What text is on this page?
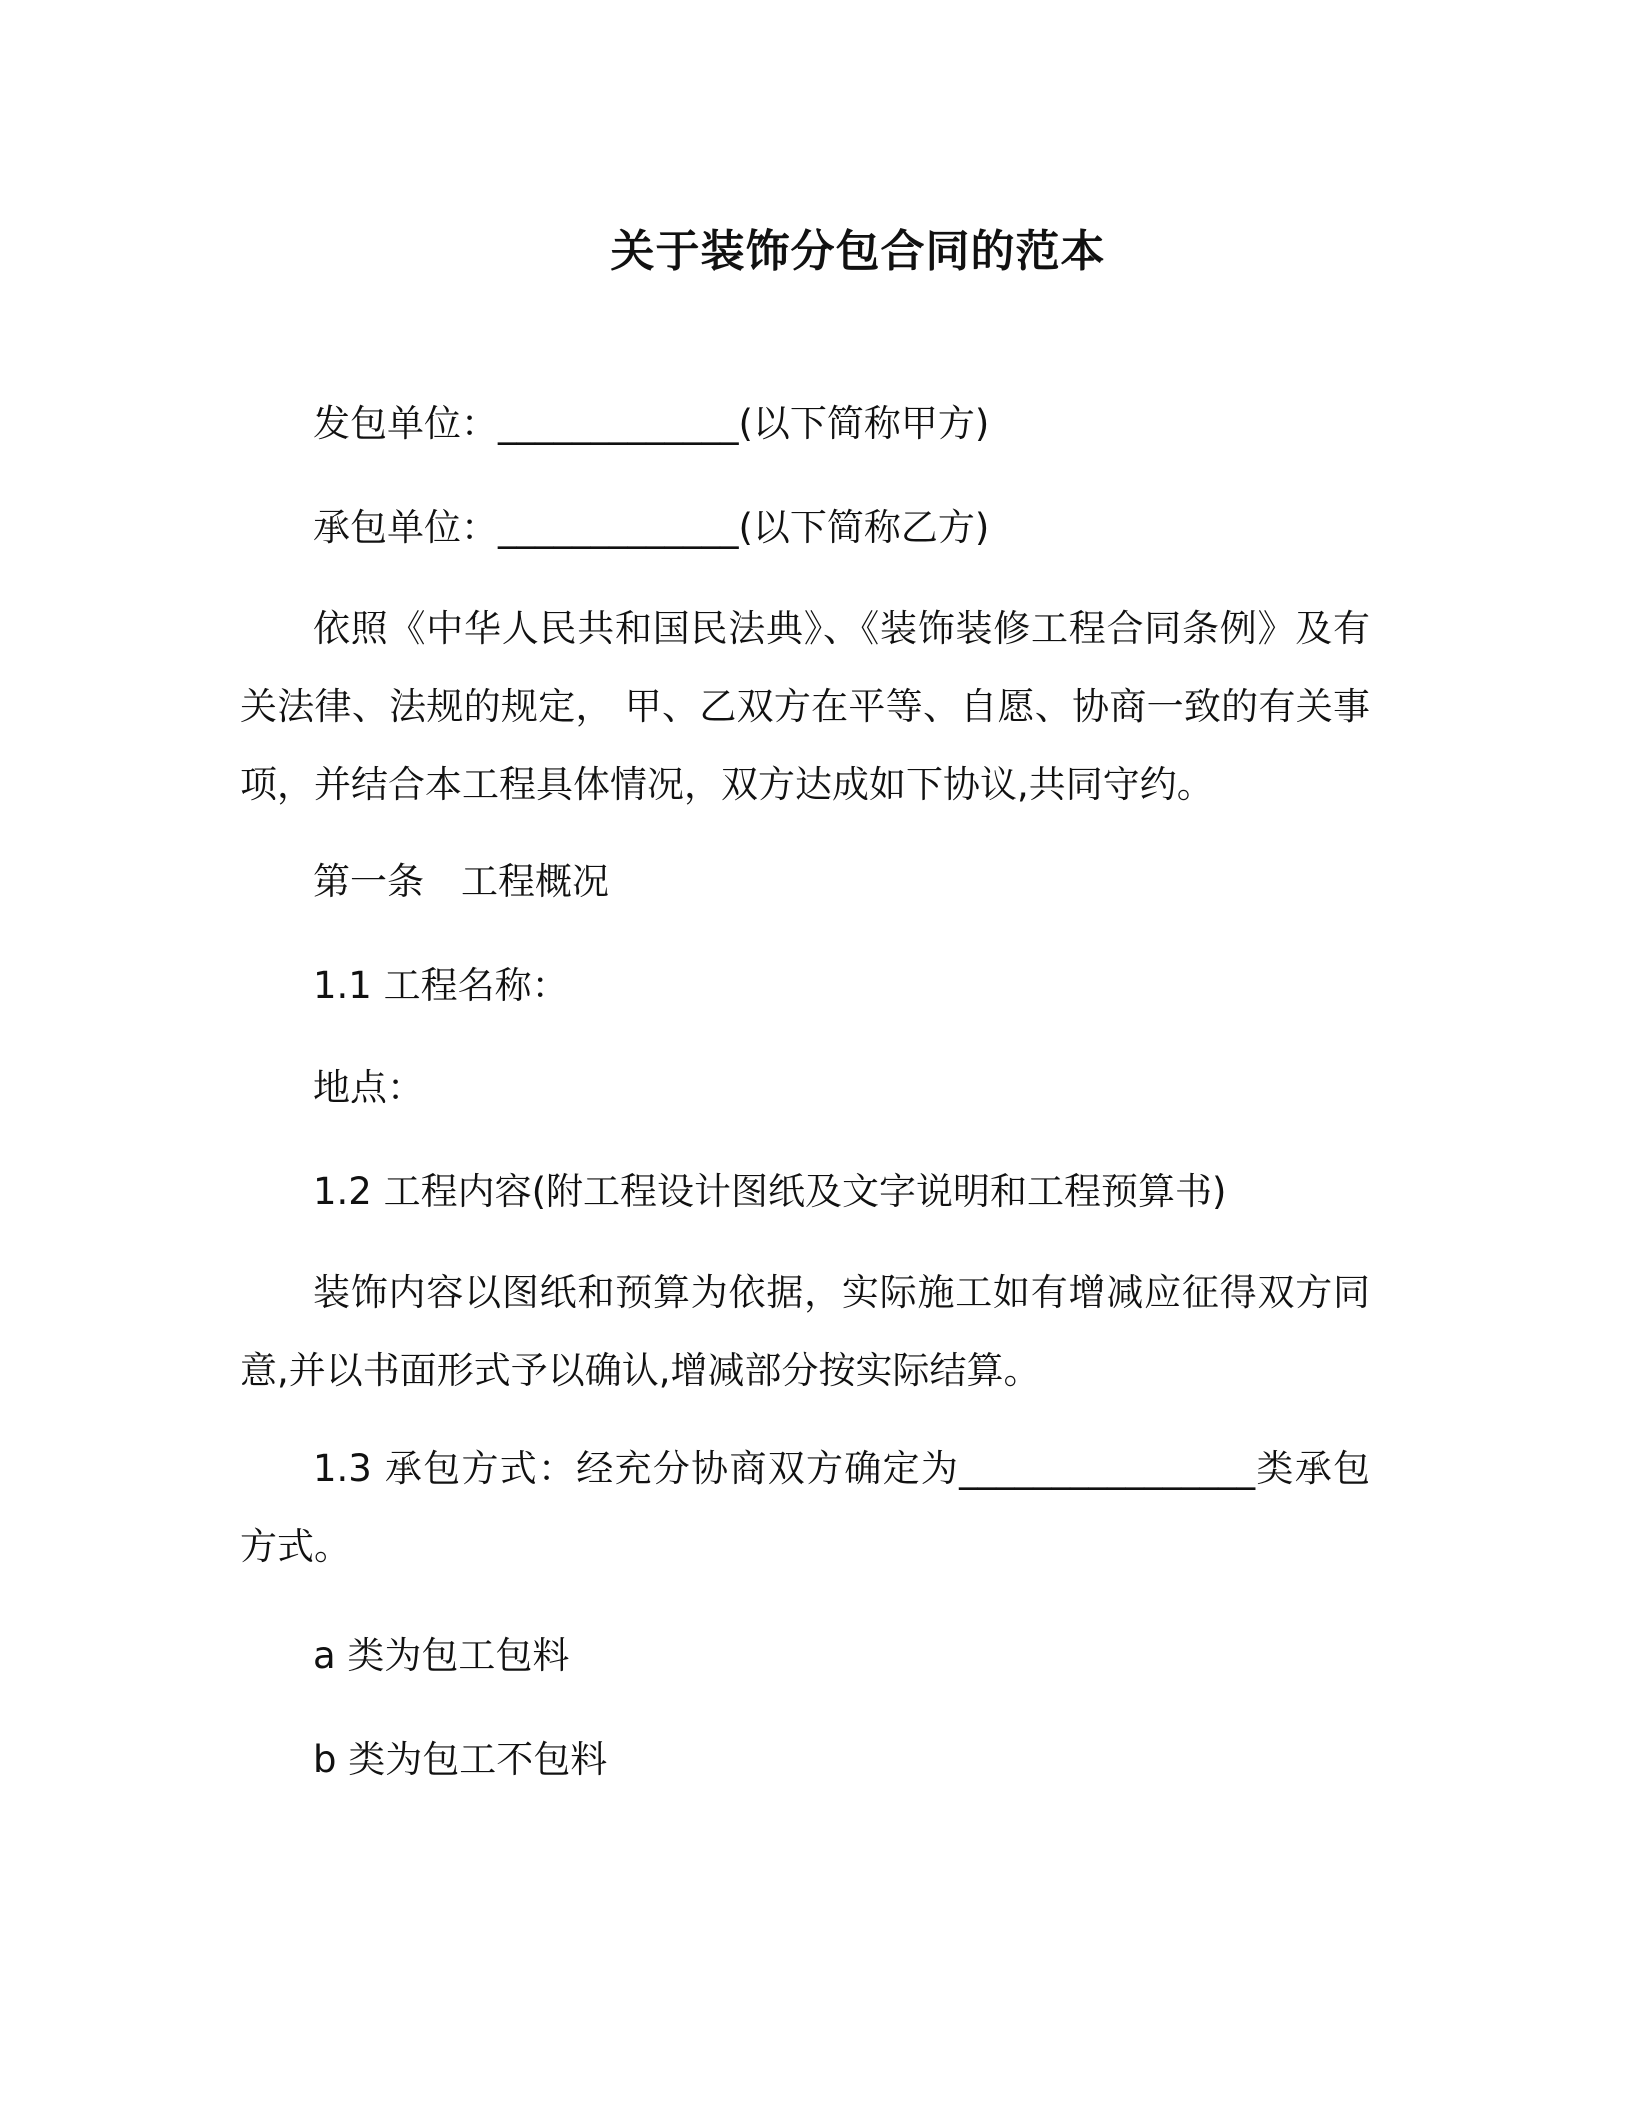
关于装饰分包合同的范本
发包单位：_____________(以下简称甲方)
承包单位：_____________(以下简称乙方)
依照《中华人民共和国民法典》、《装饰装修工程合同条例》及有关法律、法规的规定， 甲、乙双方在平等、自愿、协商一致的有关事项，并结合本工程具体情况，双方达成如下协议,共同守约。
第一条　工程概况
1.1 工程名称：
地点：
1.2 工程内容(附工程设计图纸及文字说明和工程预算书)
装饰内容以图纸和预算为依据，实际施工如有增减应征得双方同意,并以书面形式予以确认,增减部分按实际结算。
1.3 承包方式：经充分协商双方确定为________________类承包方式。
a 类为包工包料
b 类为包工不包料
